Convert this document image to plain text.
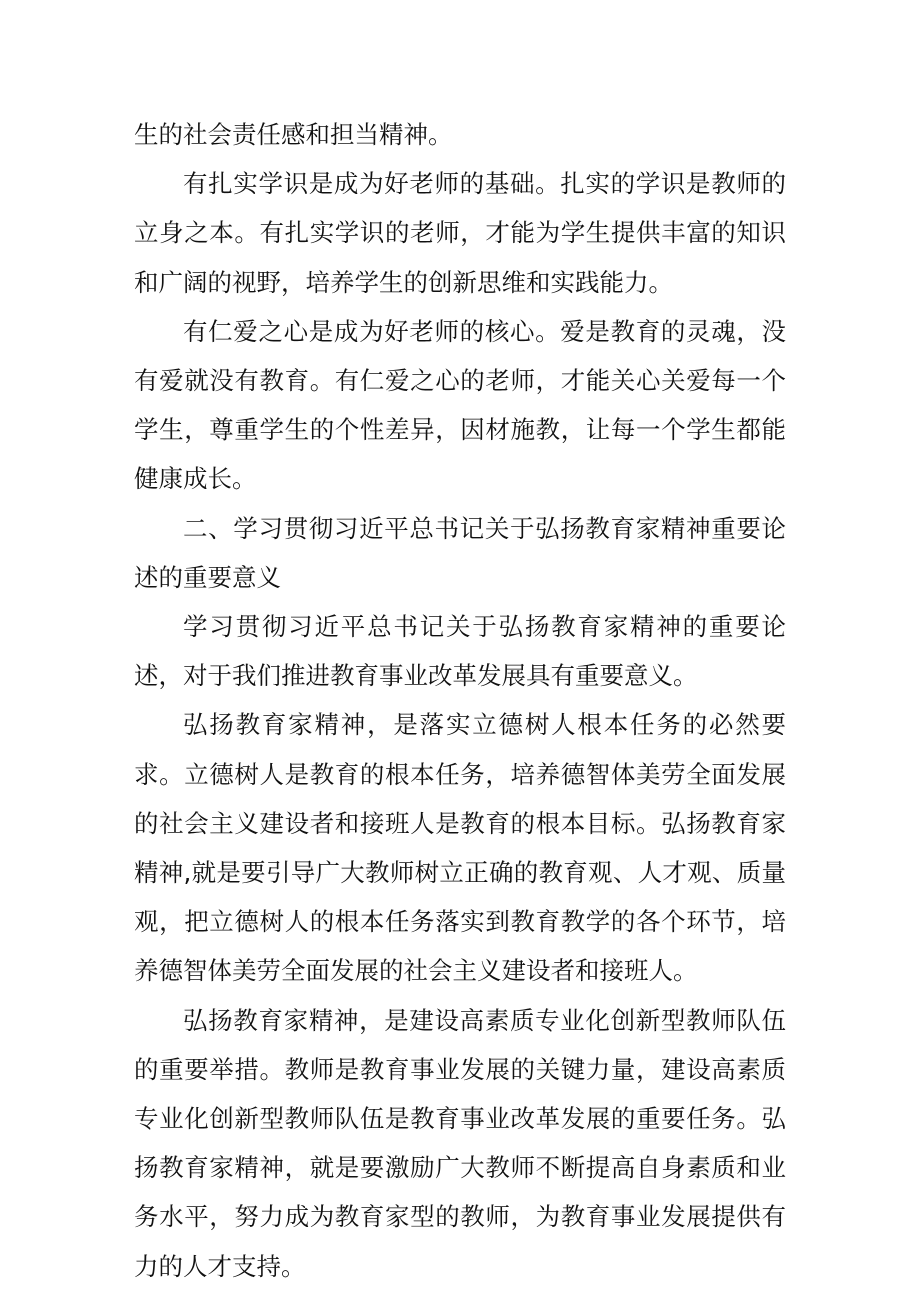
生的社会责任感和担当精神。

有扎实学识是成为好老师的基础。扎实的学识是教师的立身之本。有扎实学识的老师，才能为学生提供丰富的知识和广阔的视野，培养学生的创新思维和实践能力。

有仁爱之心是成为好老师的核心。爱是教育的灵魂，没有爱就没有教育。有仁爱之心的老师，才能关心关爱每一个学生，尊重学生的个性差异，因材施教，让每一个学生都能健康成长。

二、学习贯彻习近平总书记关于弘扬教育家精神重要论述的重要意义

学习贯彻习近平总书记关于弘扬教育家精神的重要论述，对于我们推进教育事业改革发展具有重要意义。

弘扬教育家精神，是落实立德树人根本任务的必然要求。立德树人是教育的根本任务，培养德智体美劳全面发展的社会主义建设者和接班人是教育的根本目标。弘扬教育家精神,就是要引导广大教师树立正确的教育观、人才观、质量观，把立德树人的根本任务落实到教育教学的各个环节，培养德智体美劳全面发展的社会主义建设者和接班人。

弘扬教育家精神，是建设高素质专业化创新型教师队伍的重要举措。教师是教育事业发展的关键力量，建设高素质专业化创新型教师队伍是教育事业改革发展的重要任务。弘扬教育家精神，就是要激励广大教师不断提高自身素质和业务水平，努力成为教育家型的教师，为教育事业发展提供有力的人才支持。
